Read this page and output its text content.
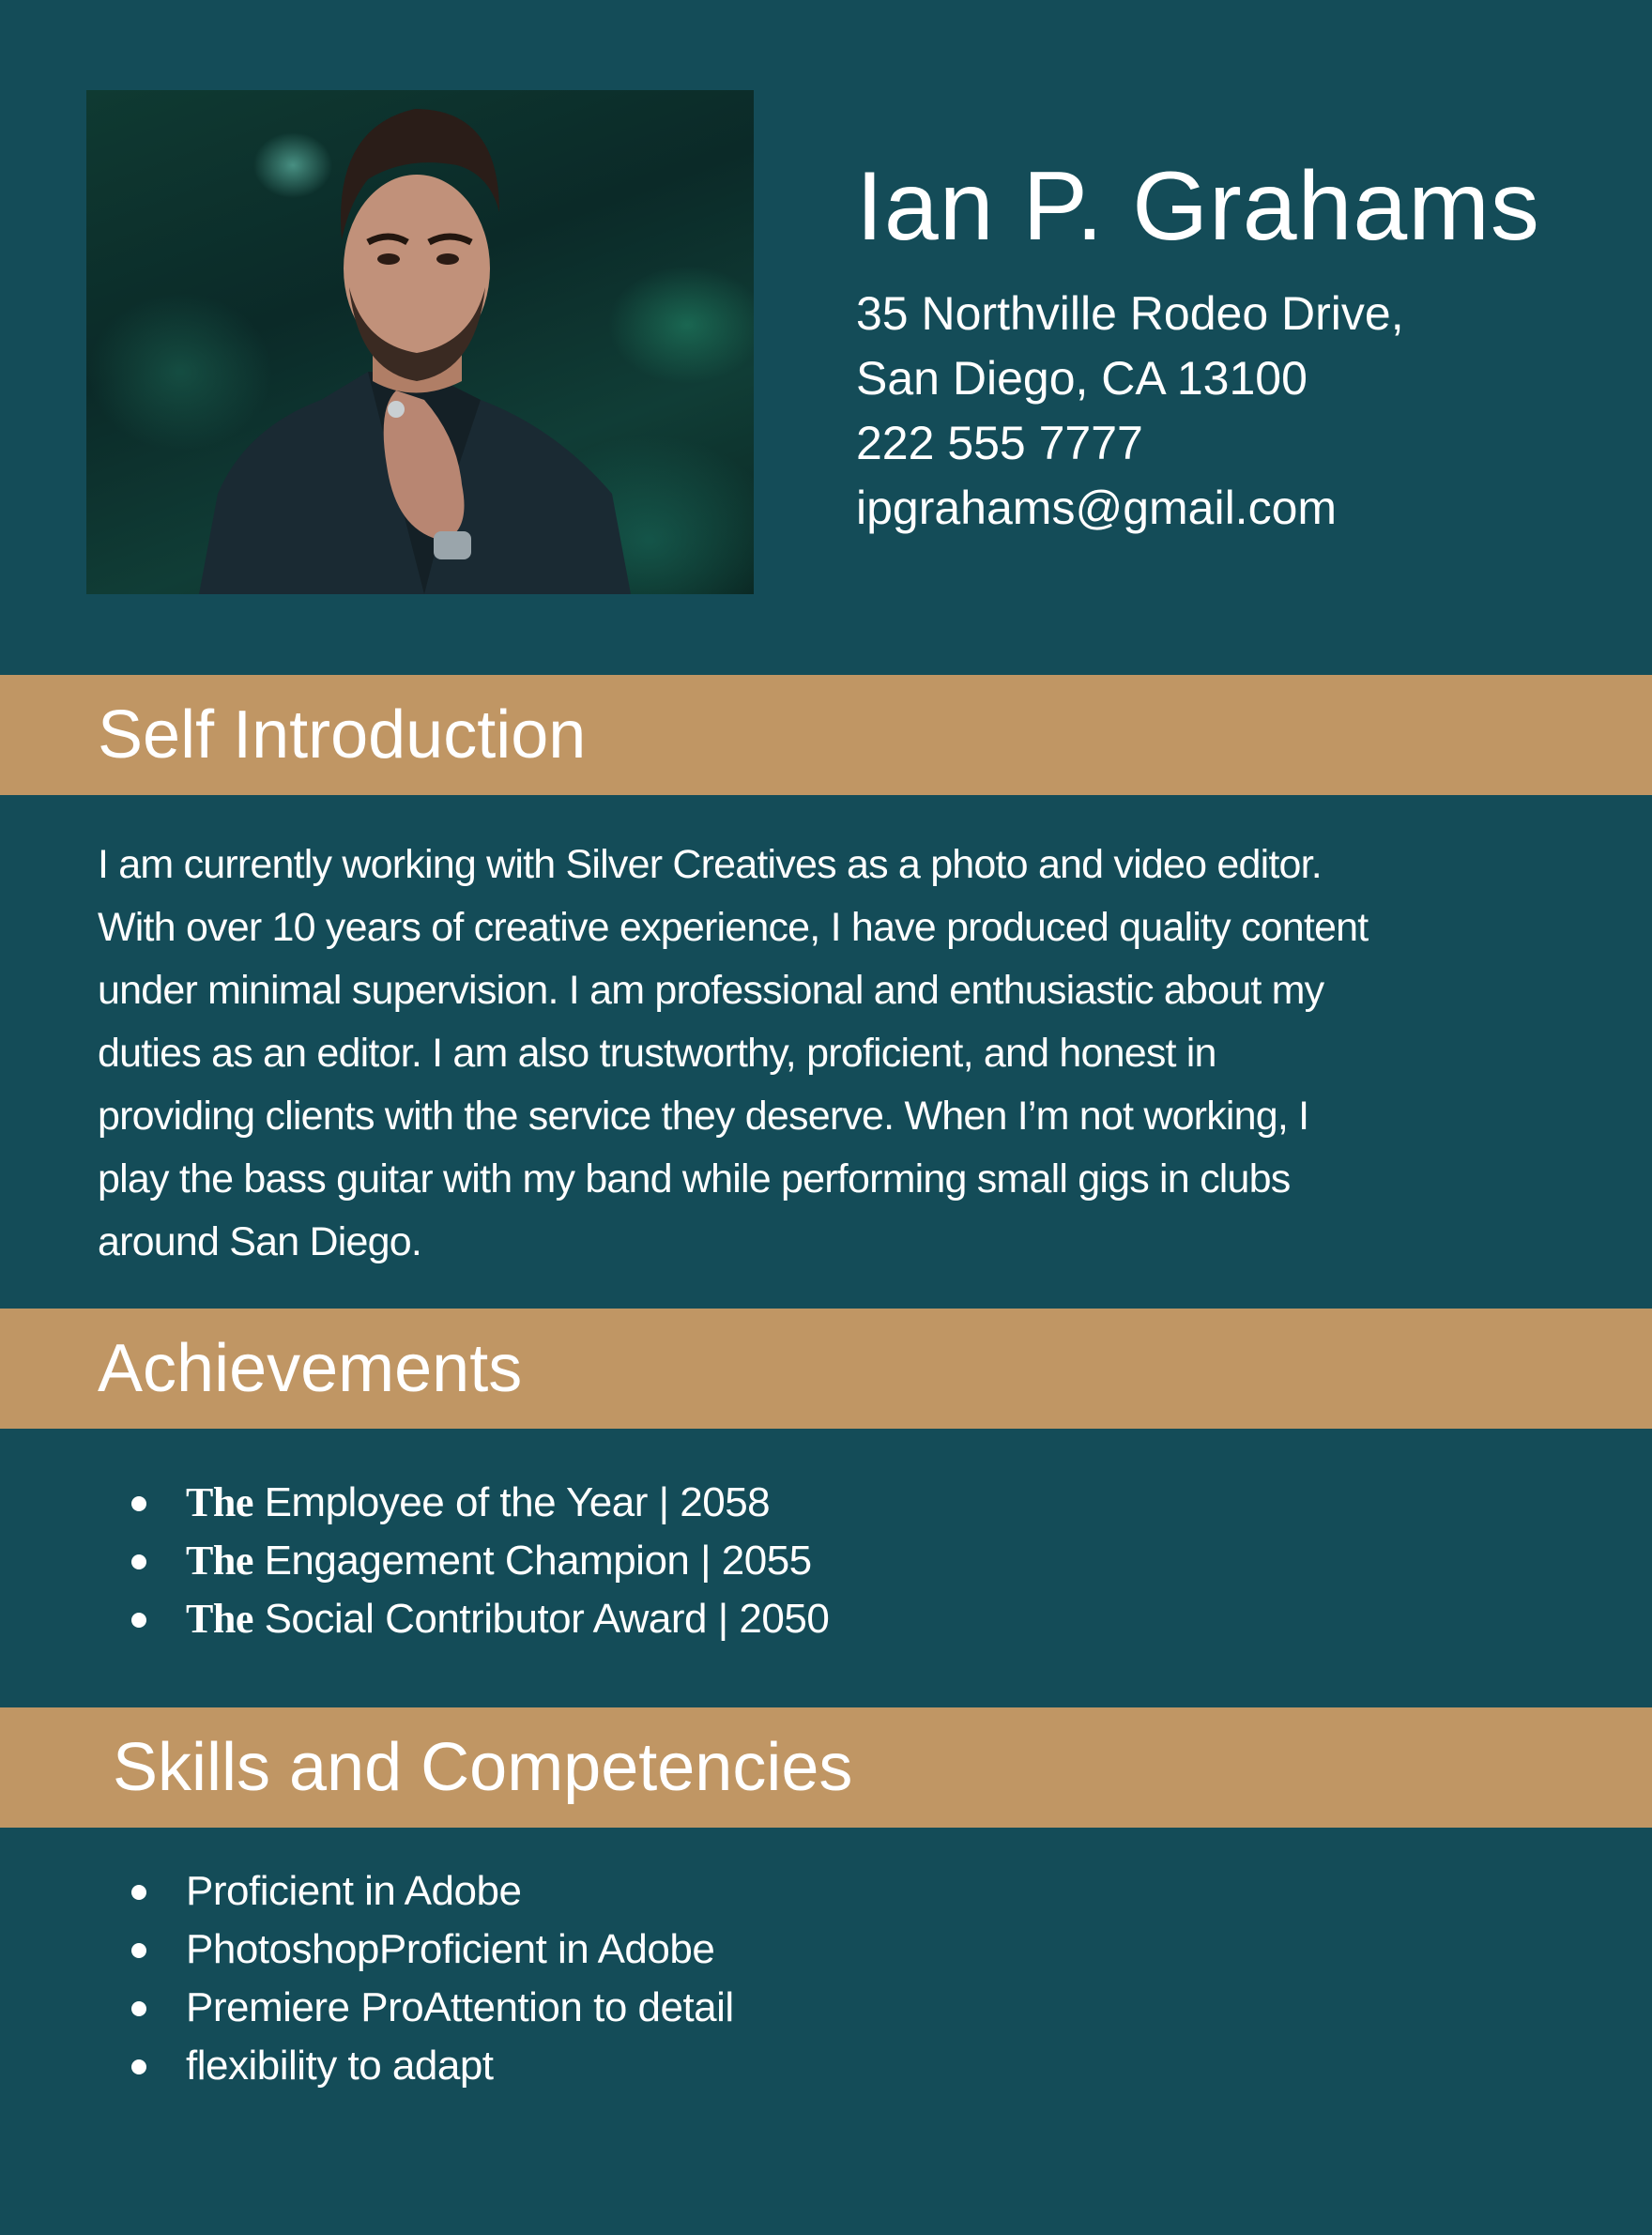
Ian P. Grahams

35 Northville Rodeo Drive,

San Diego, CA 13100

222 555 7777

ipgrahams@gmail.com

Self Introduction

I am currently working with Silver Creatives as a photo and video editor.

With over 10 years of creative experience, I have produced quality content

under minimal supervision. I am professional and enthusiastic about my

duties as an editor. I am also trustworthy, proficient, and honest in

providing clients with the service they deserve. When I’m not working, I

play the bass guitar with my band while performing small gigs in clubs

around San Diego.

Achievements
The Employee of the Year | 2058
The Engagement Champion | 2055
The Social Contributor Award | 2050
Skills and Competencies
Proficient in Adobe
PhotoshopProficient in Adobe
Premiere ProAttention to detail
flexibility to adapt
